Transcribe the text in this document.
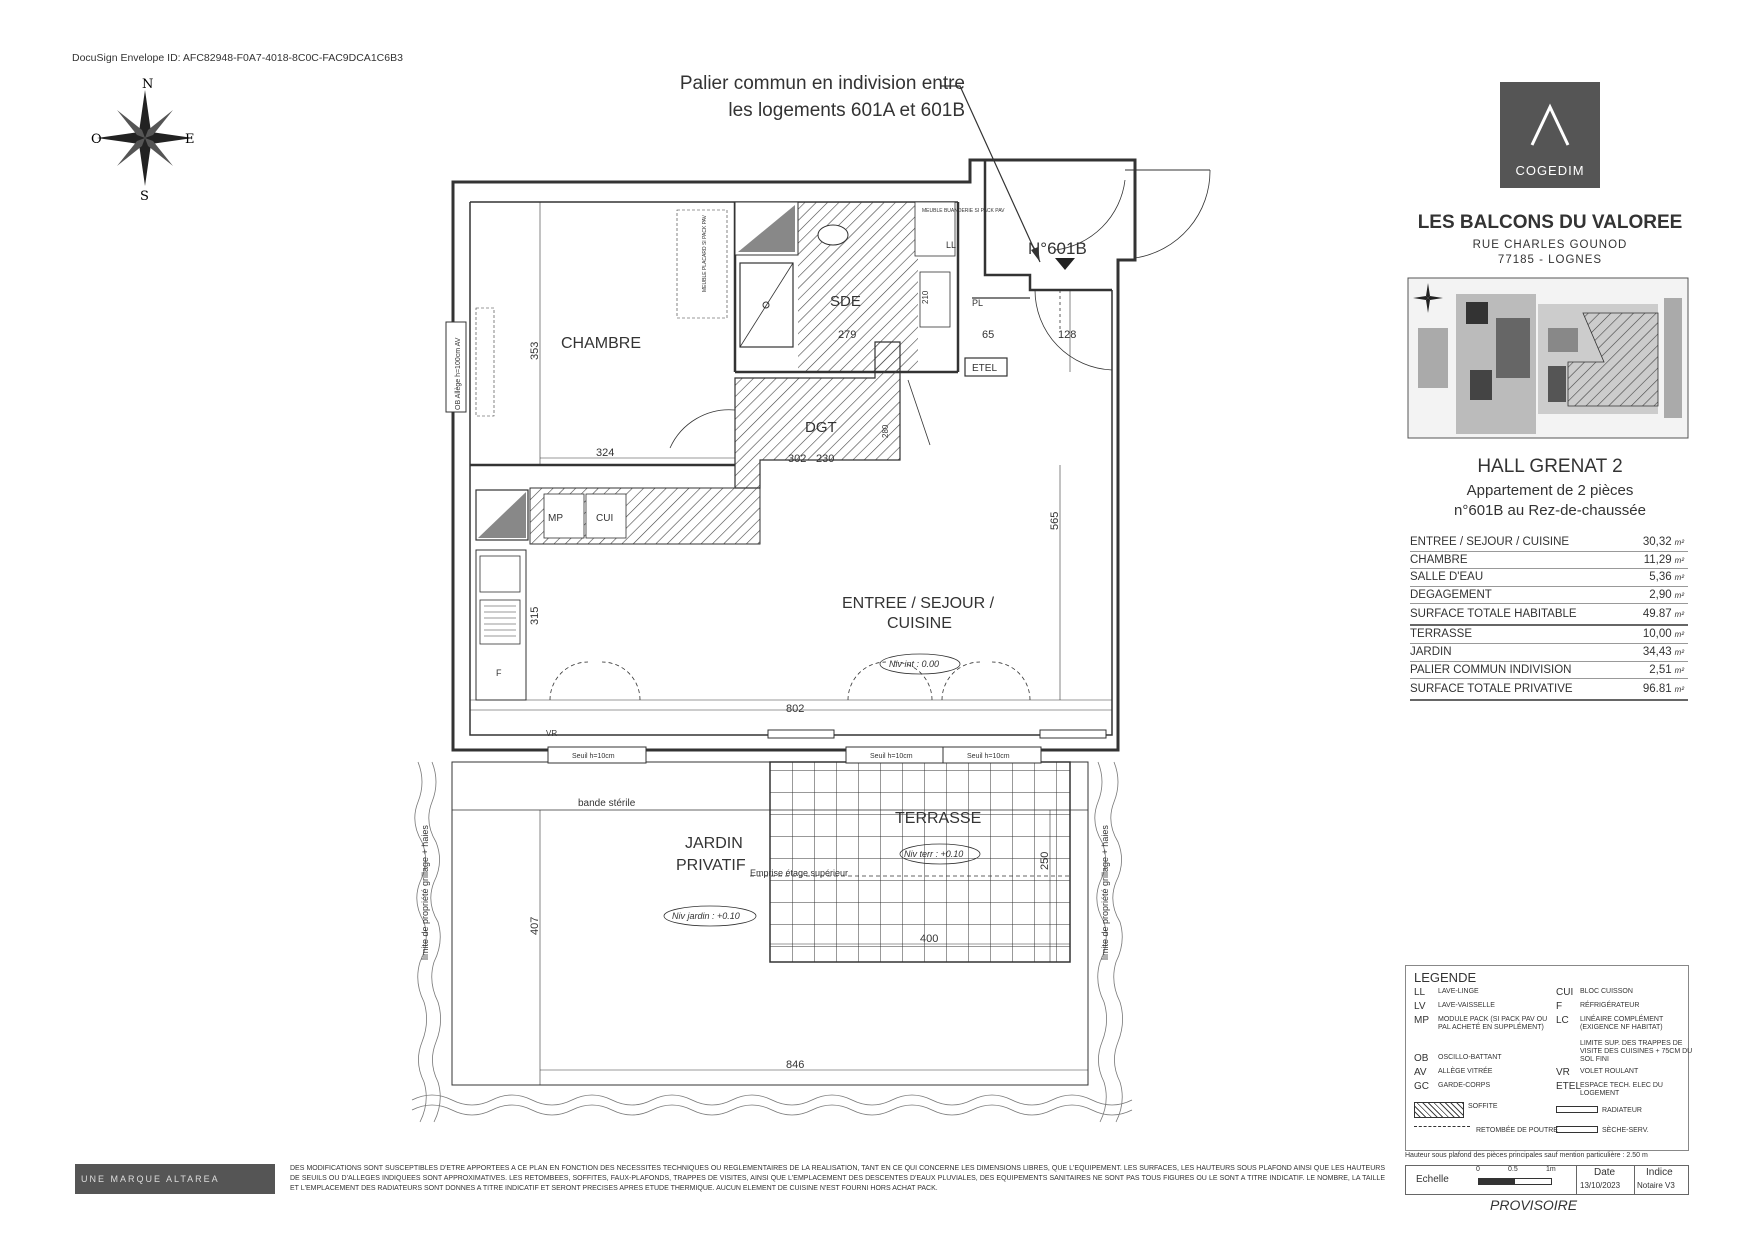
DocuSign Envelope ID: AFC82948-F0A7-4018-8C0C-FAC9DCA1C6B3
N
S
E
O
N°601B
CHAMBRE
SDE
DGT
ENTREE / SEJOUR /
CUISINE
JARDIN
PRIVATIF
TERRASSE
Emprise étage supérieur
bande stérile
Niv int : 0.00
Niv terr : +0.10
Niv jardin : +0.10
Seuil h=10cm	Seuil h=10cm	Seuil h=10cm
LL
PL
ETEL
MP	CUI
F
VR
210
280
353
324
279	65	128
302 230
565
315
802
250
400
407
846
OB Allège h=100cm AV
MEUBLE PLACARD SI PACK PAV
MEUBLE BUANDERIE SI PACK PAV
limite de propriété grillage + haies	limite de propriété grillage + haies
Palier commun en indivision entre
les logements 601A et 601B
COGEDIM
LES BALCONS DU VALOREE
RUE CHARLES GOUNOD
77185 - LOGNES
HALL GRENAT 2
Appartement de 2 pièces
n°601B au Rez-de-chaussée
ENTREE / SEJOUR / CUISINE	30,32 m²
CHAMBRE	11,29 m²
SALLE D'EAU	5,36 m²
DEGAGEMENT	2,90 m²
SURFACE TOTALE HABITABLE	49.87 m²
TERRASSE	10,00 m²
JARDIN	34,43 m²
PALIER COMMUN INDIVISION	2,51 m²
SURFACE TOTALE PRIVATIVE	96.81 m²
LEGENDE
LL	LAVE-LINGE
LV	LAVE-VAISSELLE
MP	MODULE PACK (SI PACK PAV OU PAL ACHETÉ EN SUPPLÉMENT)
OB	OSCILLO-BATTANT
AV	ALLÈGE VITRÉE
GC	GARDE-CORPS
CUI BLOC CUISSON
F	RÉFRIGÉRATEUR
LC	LINÉAIRE COMPLÉMENT (EXIGENCE NF HABITAT)
LIMITE SUP. DES TRAPPES DE VISITE DES CUISINES + 75CM DU SOL FINI
VR	VOLET ROULANT
ETEL
ESPACE TECH. ELEC DU LOGEMENT
SOFFITE
RETOMBÉE DE POUTRE
RADIATEUR
SÈCHE-SERV.
Hauteur sous plafond des pièces principales sauf mention particulière : 2.50 m
Echelle
0	0.5	1m	Date
13/10/2023
Indice
Notaire V3
PROVISOIRE
UNE MARQUE ALTAREA
DES MODIFICATIONS SONT SUSCEPTIBLES D'ETRE APPORTEES A CE PLAN EN FONCTION DES NECESSITES TECHNIQUES OU REGLEMENTAIRES DE LA REALISATION, TANT EN CE QUI CONCERNE LES DIMENSIONS LIBRES, QUE L'EQUIPEMENT. LES SURFACES, LES HAUTEURS SOUS PLAFOND AINSI QUE LES HAUTEURS DE SEUILS OU D'ALLEGES INDIQUEES SONT APPROXIMATIVES. LES RETOMBEES, SOFFITES, FAUX-PLAFONDS, TRAPPES DE VISITES, AINSI QUE L'EMPLACEMENT DES DESCENTES D'EAUX PLUVIALES, DES EQUIPEMENTS SANITAIRES NE SONT PAS TOUS FIGURES OU LE SONT A TITRE INDICATIF. LE NOMBRE, LA TAILLE ET L'EMPLACEMENT DES RADIATEURS SONT DONNES A TITRE INDICATIF ET SERONT PRECISES APRES ETUDE THERMIQUE. AUCUN ELEMENT DE CUISINE N'EST FOURNI HORS ACHAT PACK.
